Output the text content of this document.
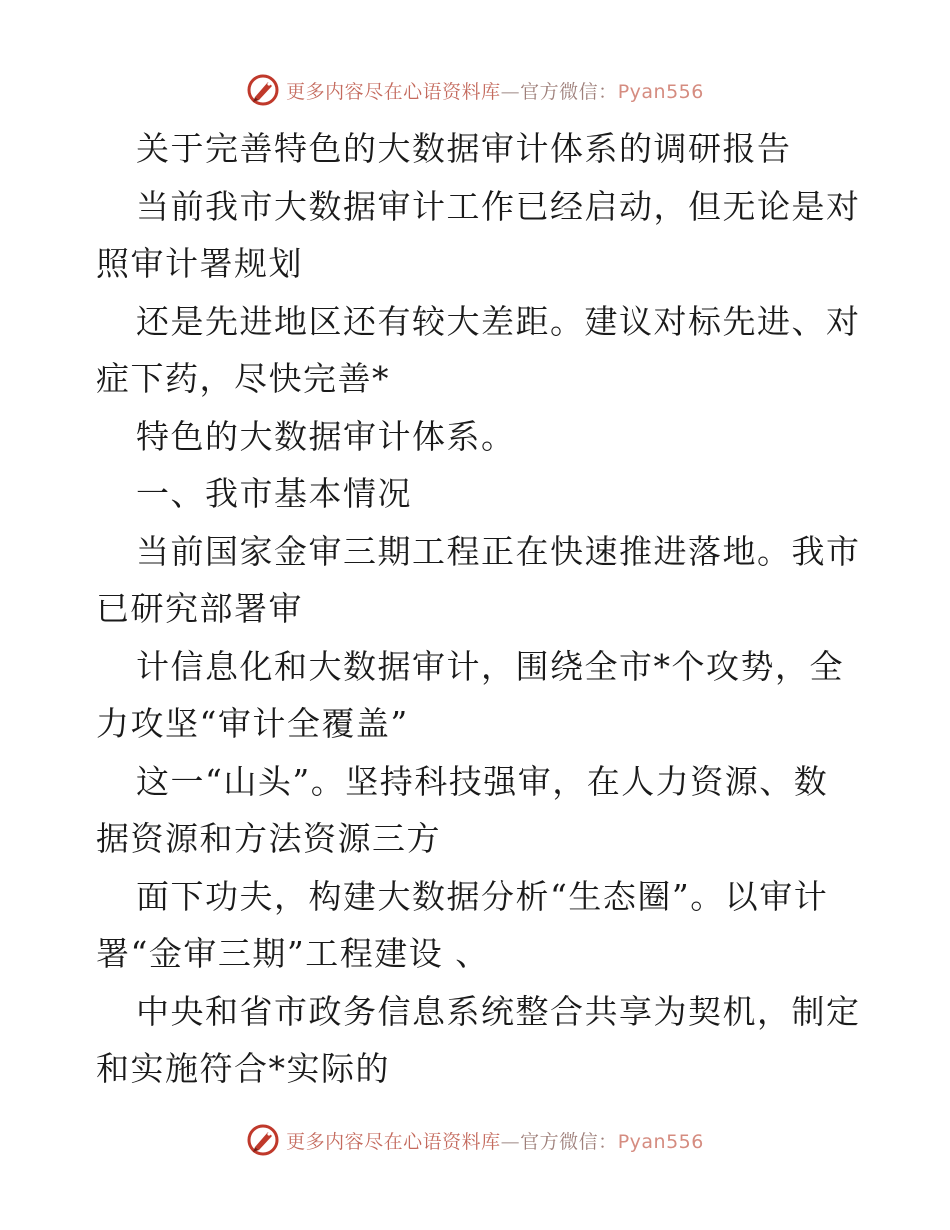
更多内容尽在心语资料库—官方微信：Pyan556
关于完善特色的大数据审计体系的调研报告
当前我市大数据审计工作已经启动，但无论是对
照审计署规划
还是先进地区还有较大差距。建议对标先进、对
症下药，尽快完善*
特色的大数据审计体系。
一、我市基本情况
当前国家金审三期工程正在快速推进落地。我市
已研究部署审
计信息化和大数据审计，围绕全市*个攻势，全
力攻坚“审计全覆盖”
这一“山头”。坚持科技强审，在人力资源、数
据资源和方法资源三方
面下功夫，构建大数据分析“生态圈”。以审计
署“金审三期”工程建设 、
中央和省市政务信息系统整合共享为契机，制定
和实施符合*实际的
更多内容尽在心语资料库—官方微信：Pyan556
